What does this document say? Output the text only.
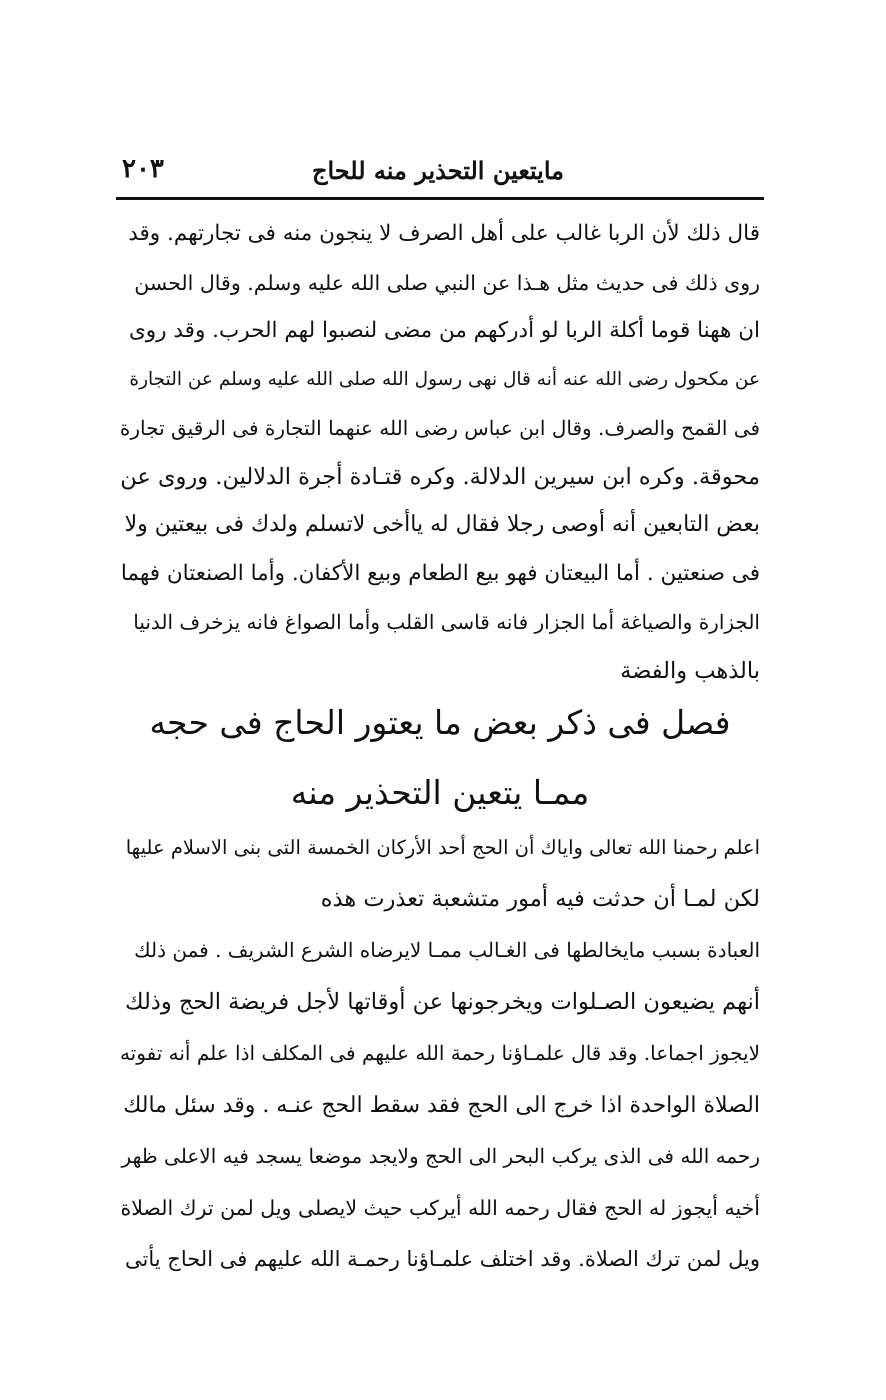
مايتعين التحذير منه للحاج
٢٠٣
قال ذلك لأن الربا غالب على أهل الصرف لا ينجون منه فى تجارتهم. وقد
روى ذلك فى حديث مثل هـذا عن النبي صلى الله عليه وسلم. وقال الحسن
ان ههنا قوما أكلة الربا لو أدركهم من مضى لنصبوا لهم الحرب. وقد روى
عن مكحول رضى الله عنه أنه قال نهى رسول الله صلى الله عليه وسلم عن التجارة
فى القمح والصرف. وقال ابن عباس رضى الله عنهما التجارة فى الرقيق تجارة
محوقة. وكره ابن سيرين الدلالة. وكره قتـادة أجرة الدلالين. وروى عن
بعض التابعين أنه أوصى رجلا فقال له ياأخى لاتسلم ولدك فى بيعتين ولا
فى صنعتين . أما البيعتان فهو بيع الطعام وبيع الأكفان. وأما الصنعتان فهما
الجزارة والصياغة أما الجزار فانه قاسى القلب وأما الصواغ فانه يزخرف الدنيا
بالذهب والفضة
فصل فى ذكر بعض ما يعتور الحاج فى حجه
ممـا يتعين التحذير منه
اعلم رحمنا الله تعالى واياك أن الحج أحد الأركان الخمسة التى بنى الاسلام عليها
لكن لمـا أن حدثت فيه أمور متشعبة تعذرت هذه
العبادة بسبب مايخالطها فى الغـالب ممـا لايرضاه الشرع الشريف . فمن ذلك
أنهم يضيعون الصـلوات ويخرجونها عن أوقاتها لأجل فريضة الحج وذلك
لايجوز اجماعا. وقد قال علمـاؤنا رحمة الله عليهم فى المكلف اذا علم أنه تفوته
الصلاة الواحدة اذا خرج الى الحج فقد سقط الحج عنـه . وقد سئل مالك
رحمه الله فى الذى يركب البحر الى الحج ولايجد موضعا يسجد فيه الاعلى ظهر
أخيه أيجوز له الحج فقال رحمه الله أيركب حيث لايصلى ويل لمن ترك الصلاة
ويل لمن ترك الصلاة. وقد اختلف علمـاؤنا رحمـة الله عليهم فى الحاج يأتى
